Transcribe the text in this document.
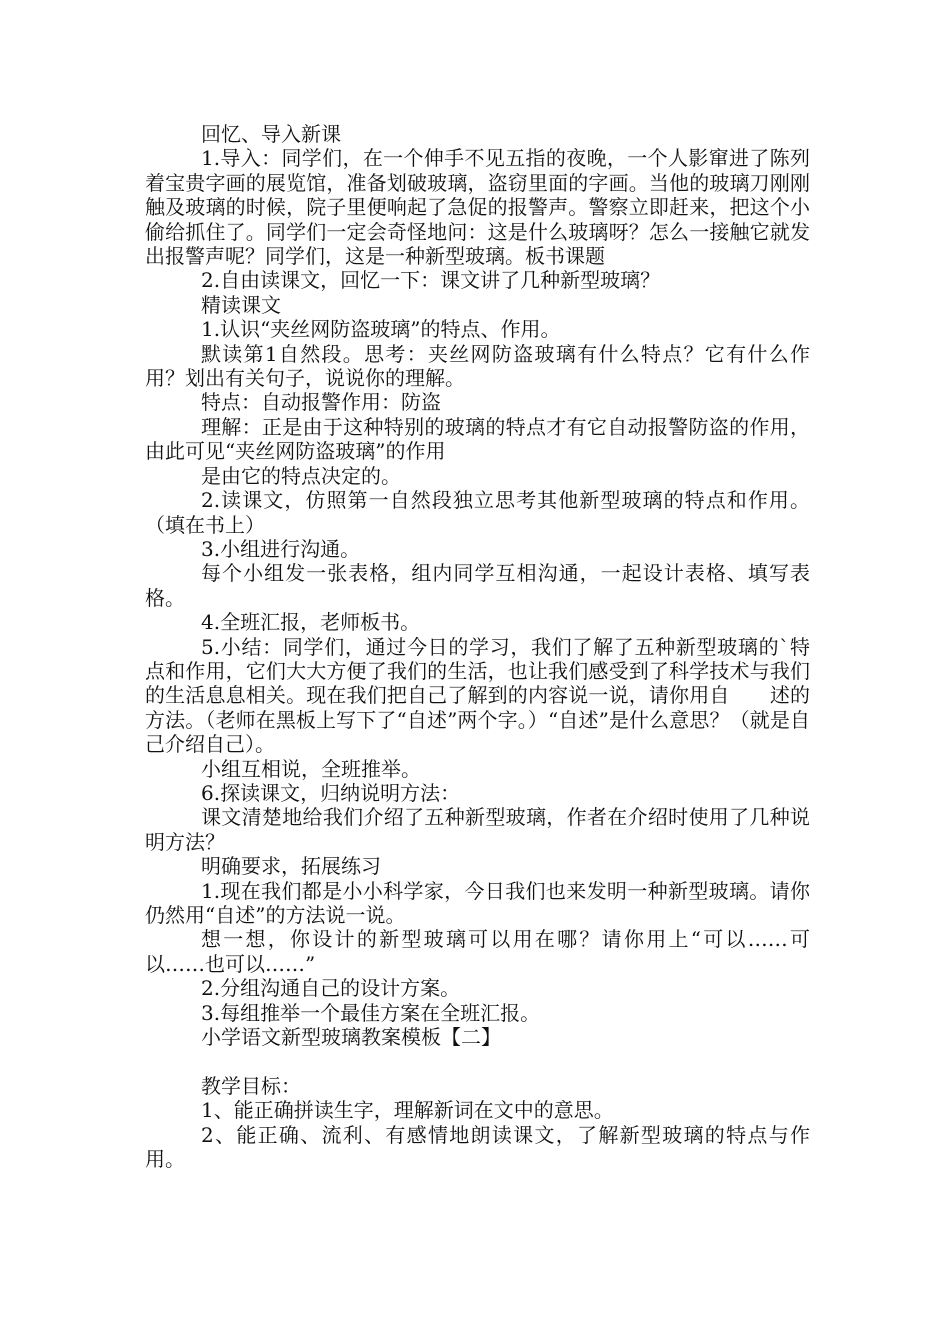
回忆、导入新课

1.导入：同学们，在一个伸手不见五指的夜晚，一个人影窜进了陈列着宝贵字画的展览馆，准备划破玻璃，盗窃里面的字画。当他的玻璃刀刚刚触及玻璃的时候，院子里便响起了急促的报警声。警察立即赶来，把这个小偷给抓住了。同学们一定会奇怪地问：这是什么玻璃呀？怎么一接触它就发出报警声呢？同学们，这是一种新型玻璃。板书课题

2.自由读课文，回忆一下：课文讲了几种新型玻璃？

精读课文

1.认识“夹丝网防盗玻璃”的特点、作用。

默读第1自然段。思考：夹丝网防盗玻璃有什么特点？它有什么作用？划出有关句子，说说你的理解。

特点：自动报警作用：防盗

理解：正是由于这种特别的玻璃的特点才有它自动报警防盗的作用，由此可见“夹丝网防盗玻璃”的作用

是由它的特点决定的。

2.读课文，仿照第一自然段独立思考其他新型玻璃的特点和作用。（填在书上）

3.小组进行沟通。

每个小组发一张表格，组内同学互相沟通，一起设计表格、填写表格。

4.全班汇报，老师板书。

5.小结：同学们，通过今日的学习，我们了解了五种新型玻璃的`特点和作用，它们大大方便了我们的生活，也让我们感受到了科学技术与我们的生活息息相关。现在我们把自己了解到的内容说一说，请你用自　　述的方法。（老师在黑板上写下了“自述”两个字。）“自述”是什么意思？（就是自己介绍自己）。

小组互相说，全班推举。

6.探读课文，归纳说明方法：

课文清楚地给我们介绍了五种新型玻璃，作者在介绍时使用了几种说明方法？

明确要求，拓展练习

1.现在我们都是小小科学家，今日我们也来发明一种新型玻璃。请你仍然用“自述”的方法说一说。

想一想，你设计的新型玻璃可以用在哪？请你用上“可以……可以……也可以……”

2.分组沟通自己的设计方案。

3.每组推举一个最佳方案在全班汇报。

小学语文新型玻璃教案模板【二】

教学目标：

1、能正确拼读生字，理解新词在文中的意思。

2、能正确、流利、有感情地朗读课文，了解新型玻璃的特点与作用。
